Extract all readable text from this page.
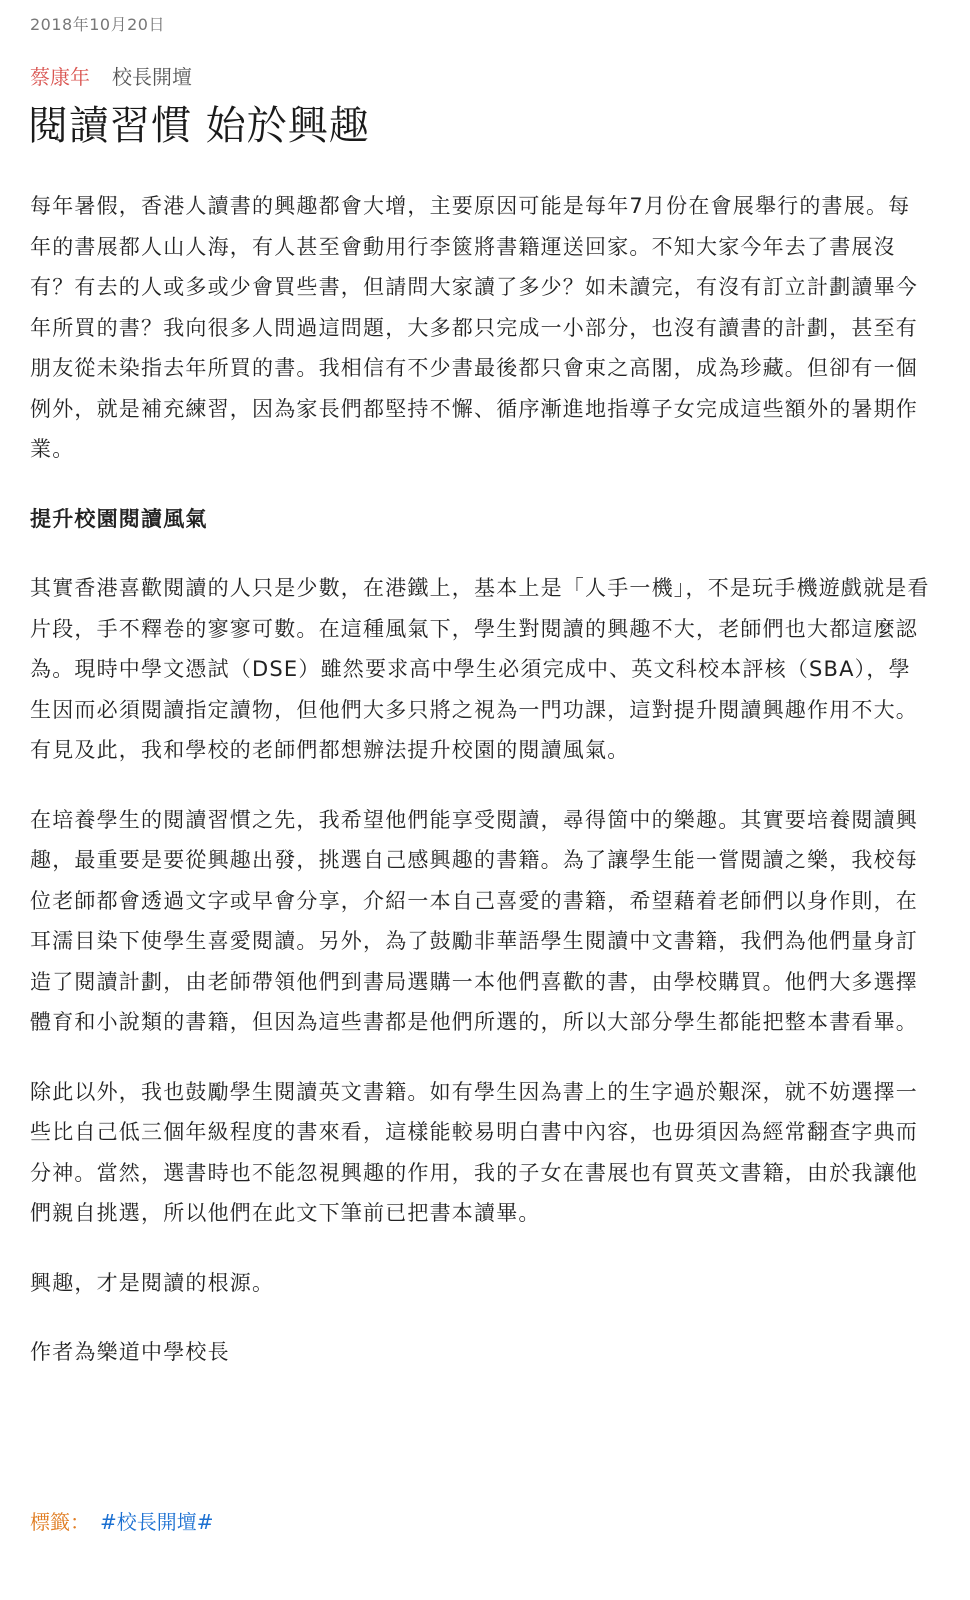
2018年10月20日
蔡康年 校長開壇
閱讀習慣 始於興趣

每年暑假，香港人讀書的興趣都會大增，主要原因可能是每年7月份在會展舉行的書展。每年的書展都人山人海，有人甚至會動用行李篋將書籍運送回家。不知大家今年去了書展沒有？有去的人或多或少會買些書，但請問大家讀了多少？如未讀完，有沒有訂立計劃讀畢今年所買的書？我向很多人問過這問題，大多都只完成一小部分，也沒有讀書的計劃，甚至有朋友從未染指去年所買的書。我相信有不少書最後都只會束之高閣，成為珍藏。但卻有一個例外，就是補充練習，因為家長們都堅持不懈、循序漸進地指導子女完成這些額外的暑期作業。

提升校園閱讀風氣

其實香港喜歡閱讀的人只是少數，在港鐵上，基本上是「人手一機」，不是玩手機遊戲就是看片段，手不釋卷的寥寥可數。在這種風氣下，學生對閱讀的興趣不大，老師們也大都這麼認為。現時中學文憑試（DSE）雖然要求高中學生必須完成中、英文科校本評核（SBA），學生因而必須閱讀指定讀物，但他們大多只將之視為一門功課，這對提升閱讀興趣作用不大。有見及此，我和學校的老師們都想辦法提升校園的閱讀風氣。

在培養學生的閱讀習慣之先，我希望他們能享受閱讀，尋得箇中的樂趣。其實要培養閱讀興趣，最重要是要從興趣出發，挑選自己感興趣的書籍。為了讓學生能一嘗閱讀之樂，我校每位老師都會透過文字或早會分享，介紹一本自己喜愛的書籍，希望藉着老師們以身作則，在耳濡目染下使學生喜愛閱讀。另外，為了鼓勵非華語學生閱讀中文書籍，我們為他們量身訂造了閱讀計劃，由老師帶領他們到書局選購一本他們喜歡的書，由學校購買。他們大多選擇體育和小說類的書籍，但因為這些書都是他們所選的，所以大部分學生都能把整本書看畢。

除此以外，我也鼓勵學生閱讀英文書籍。如有學生因為書上的生字過於艱深，就不妨選擇一些比自己低三個年級程度的書來看，這樣能較易明白書中內容，也毋須因為經常翻查字典而分神。當然，選書時也不能忽視興趣的作用，我的子女在書展也有買英文書籍，由於我讓他們親自挑選，所以他們在此文下筆前已把書本讀畢。

興趣，才是閱讀的根源。

作者為樂道中學校長

標籤： #校長開壇#
